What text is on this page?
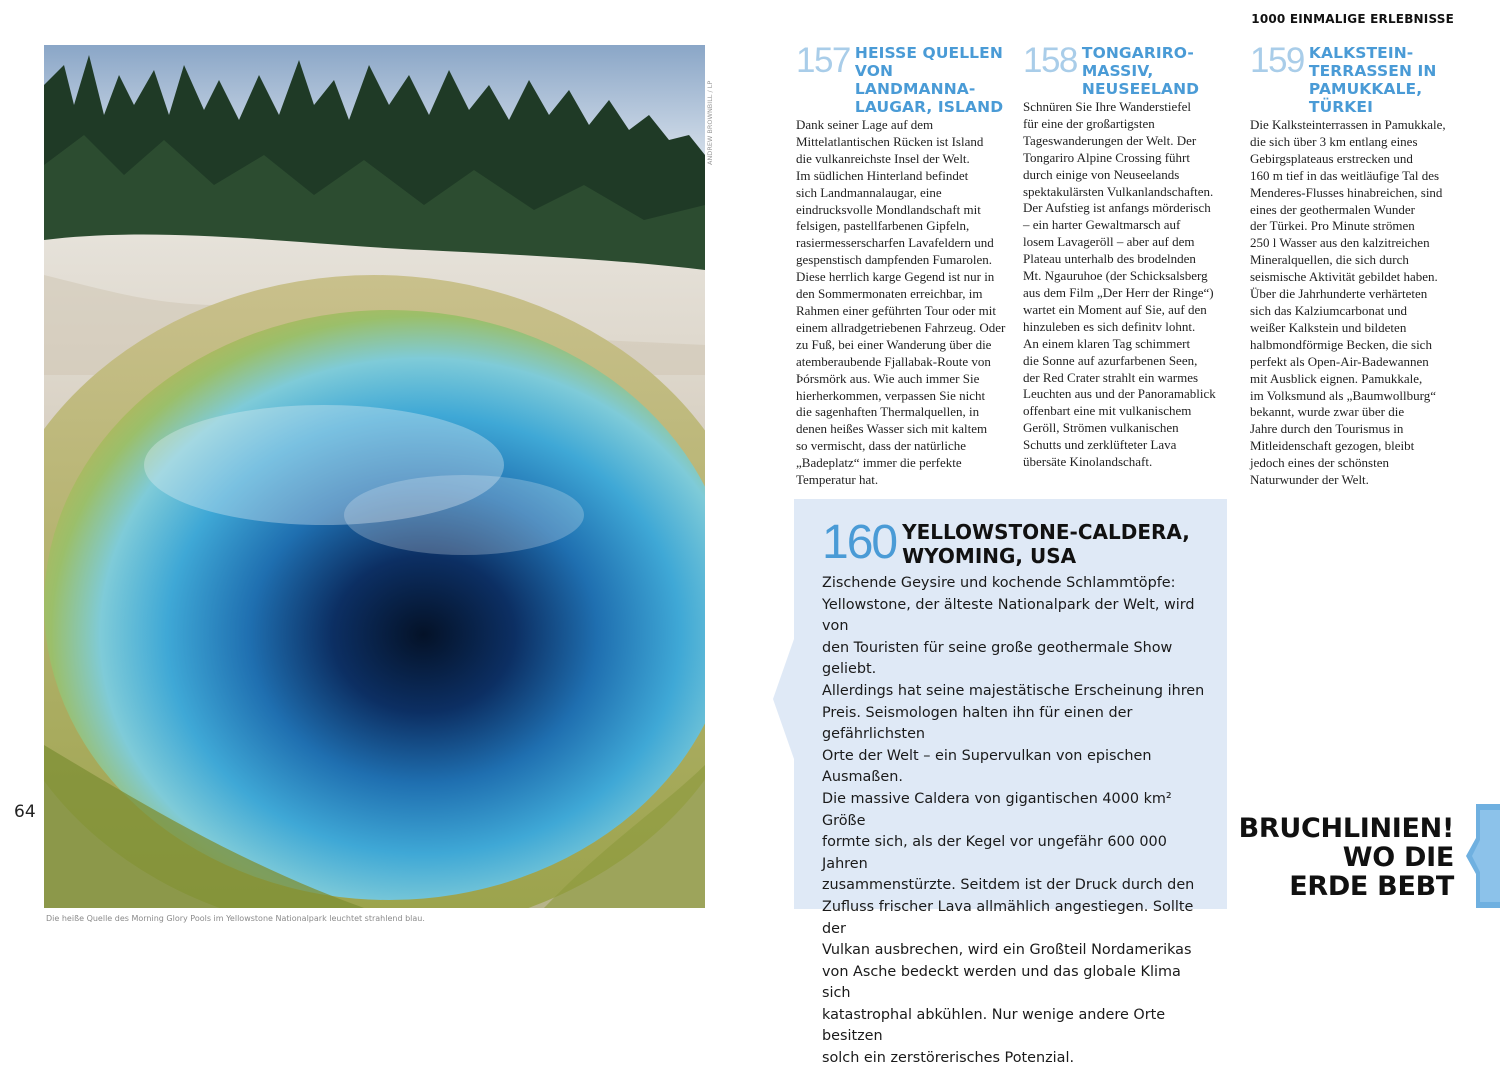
1000 EINMALIGE ERLEBNISSE
ANDREW BROWNBILL / LP
Die heiße Quelle des Morning Glory Pools im Yellowstone Nationalpark leuchtet strahlend blau.
64
157 HEISSE QUELLEN
VON LANDMANNA-
LAUGAR, ISLAND
Dank seiner Lage auf dem
Mittelatlantischen Rücken ist Island
die vulkanreichste Insel der Welt.
Im südlichen Hinterland befindet
sich Landmannalaugar, eine
eindrucksvolle Mondlandschaft mit
felsigen, pastellfarbenen Gipfeln,
rasiermesserscharfen Lavafeldern und
gespenstisch dampfenden Fumarolen.
Diese herrlich karge Gegend ist nur in
den Sommermonaten erreichbar, im
Rahmen einer geführten Tour oder mit
einem allradgetriebenen Fahrzeug. Oder
zu Fuß, bei einer Wanderung über die
atemberaubende Fjallabak-Route von
Þórsmörk aus. Wie auch immer Sie
hierherkommen, verpassen Sie nicht
die sagenhaften Thermalquellen, in
denen heißes Wasser sich mit kaltem
so vermischt, dass der natürliche
„Badeplatz“ immer die perfekte
Temperatur hat.
158 TONGARIRO-
MASSIV,
NEUSEELAND
Schnüren Sie Ihre Wanderstiefel
für eine der großartigsten
Tageswanderungen der Welt. Der
Tongariro Alpine Crossing führt
durch einige von Neuseelands
spektakulärsten Vulkanlandschaften.
Der Aufstieg ist anfangs mörderisch
– ein harter Gewaltmarsch auf
losem Lavageröll – aber auf dem
Plateau unterhalb des brodelnden
Mt. Ngauruhoe (der Schicksalsberg
aus dem Film „Der Herr der Ringe“)
wartet ein Moment auf Sie, auf den
hinzuleben es sich definitv lohnt.
An einem klaren Tag schimmert
die Sonne auf azurfarbenen Seen,
der Red Crater strahlt ein warmes
Leuchten aus und der Panoramablick
offenbart eine mit vulkanischem
Geröll, Strömen vulkanischen
Schutts und zerklüfteter Lava
übersäte Kinolandschaft.
159 KALKSTEIN-
TERRASSEN IN
PAMUKKALE, TÜRKEI
Die Kalksteinterrassen in Pamukkale,
die sich über 3 km entlang eines
Gebirgsplateaus erstrecken und
160 m tief in das weitläufige Tal des
Menderes-Flusses hinabreichen, sind
eines der geothermalen Wunder
der Türkei. Pro Minute strömen
250 l Wasser aus den kalzitreichen
Mineralquellen, die sich durch
seismische Aktivität gebildet haben.
Über die Jahrhunderte verhärteten
sich das Kalziumcarbonat und
weißer Kalkstein und bildeten
halbmondförmige Becken, die sich
perfekt als Open-Air-Badewannen
mit Ausblick eignen. Pamukkale,
im Volksmund als „Baumwollburg“
bekannt, wurde zwar über die
Jahre durch den Tourismus in
Mitleidenschaft gezogen, bleibt
jedoch eines der schönsten
Naturwunder der Welt.
160 YELLOWSTONE-CALDERA,
WYOMING, USA
Zischende Geysire und kochende Schlammtöpfe:
Yellowstone, der älteste Nationalpark der Welt, wird von
den Touristen für seine große geothermale Show geliebt.
Allerdings hat seine majestätische Erscheinung ihren
Preis. Seismologen halten ihn für einen der gefährlichsten
Orte der Welt – ein Supervulkan von epischen Ausmaßen.
Die massive Caldera von gigantischen 4000 km² Größe
formte sich, als der Kegel vor ungefähr 600 000 Jahren
zusammenstürzte. Seitdem ist der Druck durch den
Zufluss frischer Lava allmählich angestiegen. Sollte der
Vulkan ausbrechen, wird ein Großteil Nordamerikas
von Asche bedeckt werden und das globale Klima sich
katastrophal abkühlen. Nur wenige andere Orte besitzen
solch ein zerstörerisches Potenzial.
BRUCHLINIEN!
WO DIE
ERDE BEBT
